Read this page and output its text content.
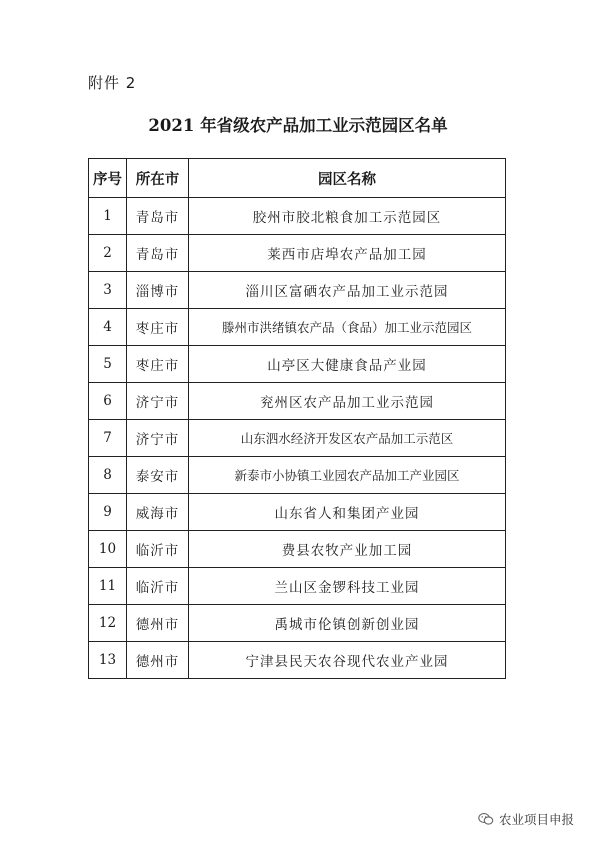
附件 2
2021 年省级农产品加工业示范园区名单
序号	所在市	园区名称
1	青岛市	胶州市胶北粮食加工示范园区
2	青岛市	莱西市店埠农产品加工园
3	淄博市	淄川区富硒农产品加工业示范园
4	枣庄市	滕州市洪绪镇农产品（食品）加工业示范园区
5	枣庄市	山亭区大健康食品产业园
6	济宁市	兖州区农产品加工业示范园
7	济宁市	山东泗水经济开发区农产品加工示范区
8	泰安市	新泰市小协镇工业园农产品加工产业园区
9	威海市	山东省人和集团产业园
10	临沂市	费县农牧产业加工园
11	临沂市	兰山区金锣科技工业园
12	德州市	禹城市伦镇创新创业园
13	德州市	宁津县民天农谷现代农业产业园
农业项目申报
